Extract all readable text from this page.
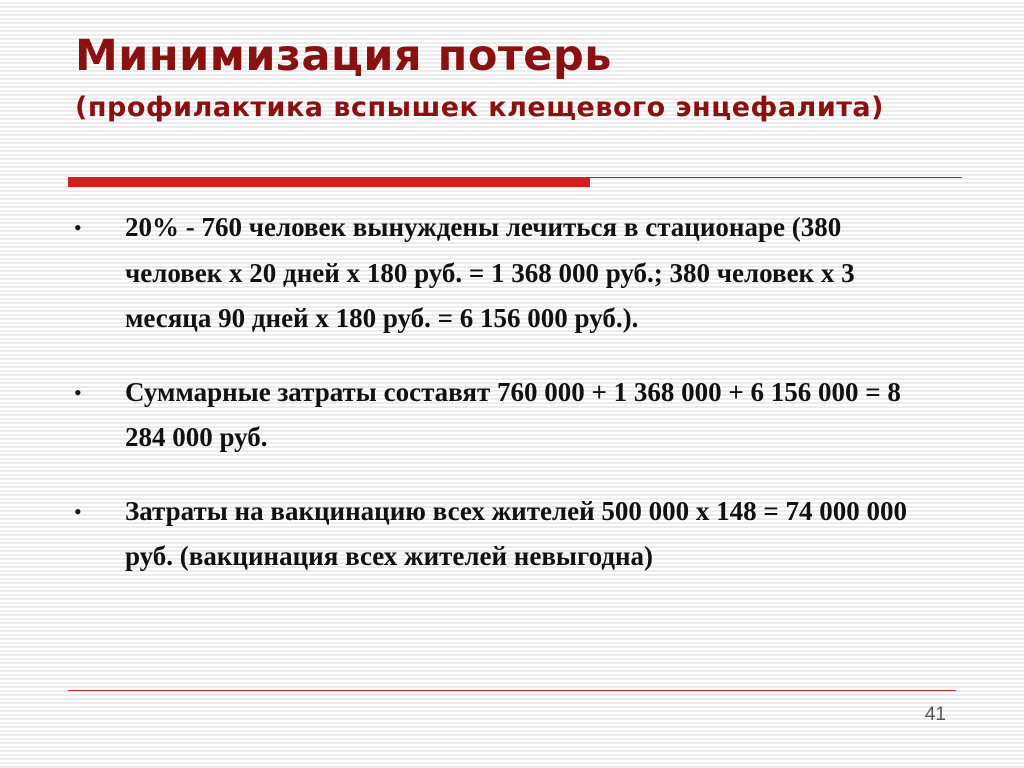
Минимизация потерь
(профилактика вспышек клещевого энцефалита)
• 20% - 760 человек вынуждены лечиться в стационаре (380 человек x 20 дней x 180 руб. = 1 368 000 руб.; 380 человек x 3 месяца 90 дней x 180 руб. = 6 156 000 руб.).
• Суммарные затраты составят 760 000 + 1 368 000 + 6 156 000 = 8 284 000 руб.
• Затраты на вакцинацию всех жителей 500 000 х 148 = 74 000 000 руб. (вакцинация всех жителей невыгодна)
41
